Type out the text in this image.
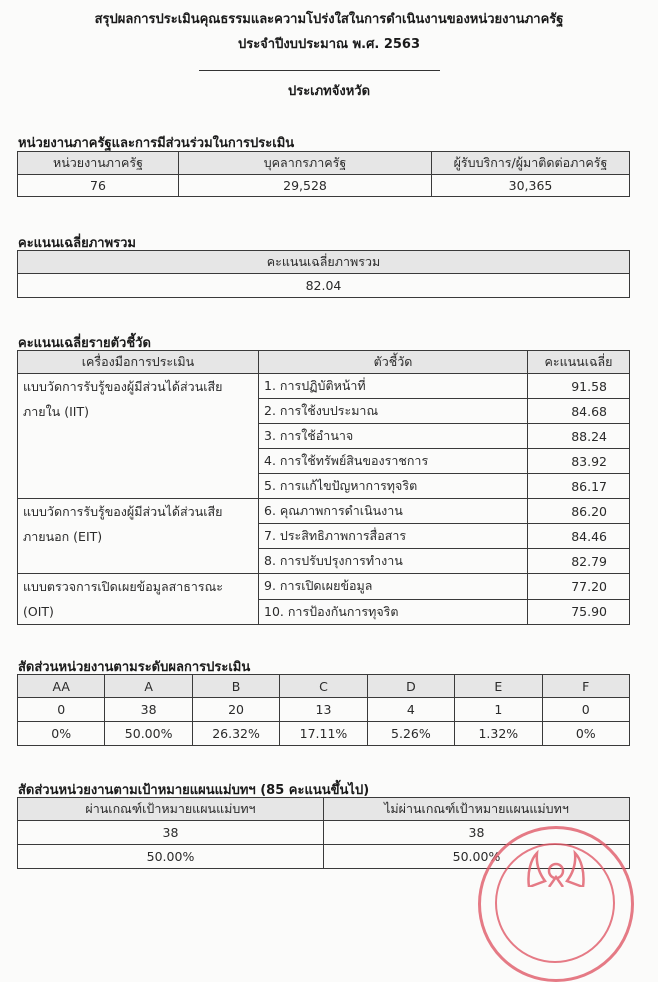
สรุปผลการประเมินคุณธรรมและความโปร่งใสในการดำเนินงานของหน่วยงานภาครัฐ
ประจำปีงบประมาณ พ.ศ. 2563
ประเภทจังหวัด
หน่วยงานภาครัฐและการมีส่วนร่วมในการประเมิน
หน่วยงานภาครัฐ	บุคลากรภาครัฐ	ผู้รับบริการ/ผู้มาติดต่อภาครัฐ
76	29,528	30,365
คะแนนเฉลี่ยภาพรวม
คะแนนเฉลี่ยภาพรวม
82.04
คะแนนเฉลี่ยรายตัวชี้วัด
เครื่องมือการประเมิน	ตัวชี้วัด	คะแนนเฉลี่ย

แบบวัดการรับรู้ของผู้มีส่วนได้ส่วนเสีย
ภายใน (IIT)	1. การปฏิบัติหน้าที่	91.58
	2. การใช้งบประมาณ	84.68
	3. การใช้อำนาจ	88.24
	4. การใช้ทรัพย์สินของราชการ	83.92
	5. การแก้ไขปัญหาการทุจริต	86.17

แบบวัดการรับรู้ของผู้มีส่วนได้ส่วนเสีย
ภายนอก (EIT)	6. คุณภาพการดำเนินงาน	86.20
	7. ประสิทธิภาพการสื่อสาร	84.46
	8. การปรับปรุงการทำงาน	82.79

แบบตรวจการเปิดเผยข้อมูลสาธารณะ
(OIT)	9. การเปิดเผยข้อมูล	77.20
	10. การป้องกันการทุจริต	75.90
สัดส่วนหน่วยงานตามระดับผลการประเมิน
AA	A	B	C	D	E	F
0	38	20	13	4	1	0
0%	50.00%	26.32%	17.11%	5.26%	1.32%	0%
สัดส่วนหน่วยงานตามเป้าหมายแผนแม่บทฯ (85 คะแนนขึ้นไป)
ผ่านเกณฑ์เป้าหมายแผนแม่บทฯ	ไม่ผ่านเกณฑ์เป้าหมายแผนแม่บทฯ
38	38
50.00%	50.00%
